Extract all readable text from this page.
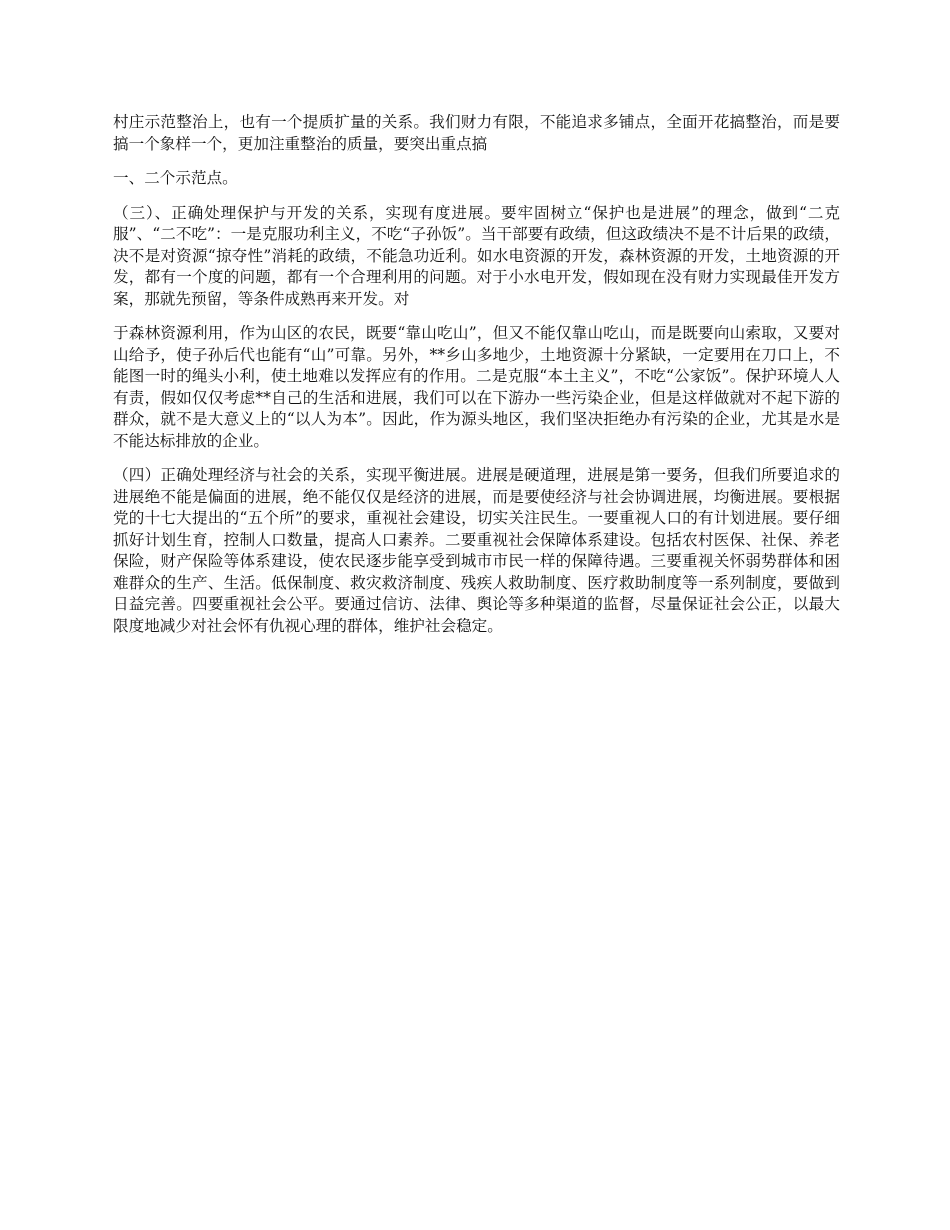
村庄示范整治上，也有一个提质扩量的关系。我们财力有限，不能追求多铺点，全面开花搞整治，而是要搞一个象样一个，更加注重整治的质量，要突出重点搞

一、二个示范点。

（三）、正确处理保护与开发的关系，实现有度进展。要牢固树立“保护也是进展”的理念，做到“二克服”、“二不吃”：一是克服功利主义，不吃“子孙饭”。当干部要有政绩，但这政绩决不是不计后果的政绩，决不是对资源“掠夺性”消耗的政绩，不能急功近利。如水电资源的开发，森林资源的开发，土地资源的开发，都有一个度的问题，都有一个合理利用的问题。对于小水电开发，假如现在没有财力实现最佳开发方案，那就先预留，等条件成熟再来开发。对

于森林资源利用，作为山区的农民，既要“靠山吃山”，但又不能仅靠山吃山，而是既要向山索取，又要对山给予，使子孙后代也能有“山”可靠。另外，**乡山多地少，土地资源十分紧缺，一定要用在刀口上，不能图一时的绳头小利，使土地难以发挥应有的作用。二是克服“本土主义”，不吃“公家饭”。保护环境人人有责，假如仅仅考虑**自己的生活和进展，我们可以在下游办一些污染企业，但是这样做就对不起下游的群众，就不是大意义上的“以人为本”。因此，作为源头地区，我们坚决拒绝办有污染的企业，尤其是水是不能达标排放的企业。

（四）正确处理经济与社会的关系，实现平衡进展。进展是硬道理，进展是第一要务，但我们所要追求的进展绝不能是偏面的进展，绝不能仅仅是经济的进展，而是要使经济与社会协调进展，均衡进展。要根据党的十七大提出的“五个所”的要求，重视社会建设，切实关注民生。一要重视人口的有计划进展。要仔细抓好计划生育，控制人口数量，提高人口素养。二要重视社会保障体系建设。包括农村医保、社保、养老保险，财产保险等体系建设，使农民逐步能享受到城市市民一样的保障待遇。三要重视关怀弱势群体和困难群众的生产、生活。低保制度、救灾救济制度、残疾人救助制度、医疗救助制度等一系列制度，要做到日益完善。四要重视社会公平。要通过信访、法律、舆论等多种渠道的监督，尽量保证社会公正，以最大限度地减少对社会怀有仇视心理的群体，维护社会稳定。
